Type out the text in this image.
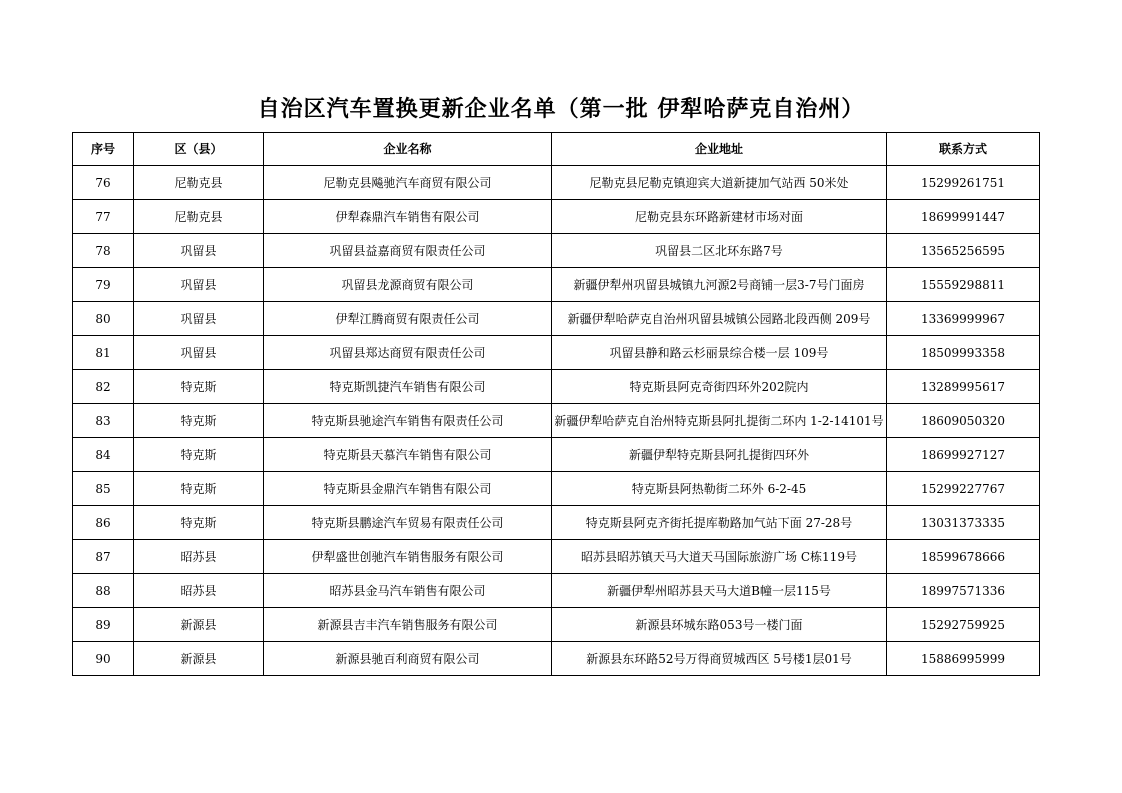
自治区汽车置换更新企业名单（第一批 伊犁哈萨克自治州）
序号	区（县）	企业名称	企业地址	联系方式
76	尼勒克县	尼勒克县飚驰汽车商贸有限公司	尼勒克县尼勒克镇迎宾大道新捷加气站西 50米处	15299261751
77	尼勒克县	伊犁森鼎汽车销售有限公司	尼勒克县东环路新建材市场对面	18699991447
78	巩留县	巩留县益嘉商贸有限责任公司	巩留县二区北环东路7号	13565256595
79	巩留县	巩留县龙源商贸有限公司	新疆伊犁州巩留县城镇九河源2号商铺一层3-7号门面房	15559298811
80	巩留县	伊犁江腾商贸有限责任公司	新疆伊犁哈萨克自治州巩留县城镇公园路北段西侧 209号	13369999967
81	巩留县	巩留县郑达商贸有限责任公司	巩留县静和路云杉丽景综合楼一层 109号	18509993358
82	特克斯	特克斯凯捷汽车销售有限公司	特克斯县阿克奇街四环外202院内	13289995617
83	特克斯	特克斯县驰途汽车销售有限责任公司	新疆伊犁哈萨克自治州特克斯县阿扎提街二环内 1-2-14101号	18609050320
84	特克斯	特克斯县天慕汽车销售有限公司	新疆伊犁特克斯县阿扎提街四环外	18699927127
85	特克斯	特克斯县金鼎汽车销售有限公司	特克斯县阿热勒街二环外 6-2-45	15299227767
86	特克斯	特克斯县鹏途汽车贸易有限责任公司	特克斯县阿克齐街托提库勒路加气站下面 27-28号	13031373335
87	昭苏县	伊犁盛世创驰汽车销售服务有限公司	昭苏县昭苏镇天马大道天马国际旅游广场 C栋119号	18599678666
88	昭苏县	昭苏县金马汽车销售有限公司	新疆伊犁州昭苏县天马大道B幢一层115号	18997571336
89	新源县	新源县吉丰汽车销售服务有限公司	新源县环城东路053号一楼门面	15292759925
90	新源县	新源县驰百利商贸有限公司	新源县东环路52号万得商贸城西区 5号楼1层01号	15886995999
